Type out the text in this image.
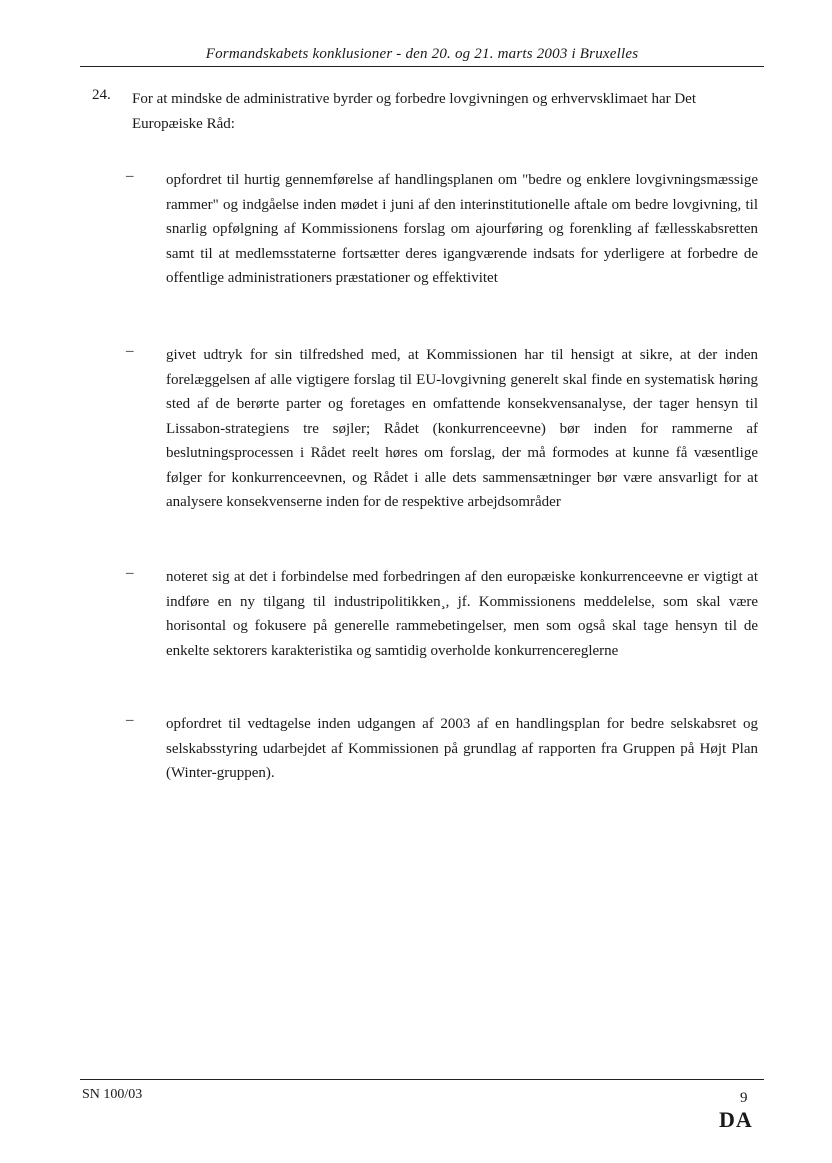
Formandskabets konklusioner - den 20. og 21. marts 2003 i Bruxelles
24. For at mindske de administrative byrder og forbedre lovgivningen og erhvervsklimaet har Det Europæiske Råd:
– opfordret til hurtig gennemførelse af handlingsplanen om "bedre og enklere lovgivningsmæssige rammer" og indgåelse inden mødet i juni af den interinstitutionelle aftale om bedre lovgivning, til snarlig opfølgning af Kommissionens forslag om ajourføring og forenkling af fællesskabsretten samt til at medlemsstaterne fortsætter deres igangværende indsats for yderligere at forbedre de offentlige administrationers præstationer og effektivitet
– givet udtryk for sin tilfredshed med, at Kommissionen har til hensigt at sikre, at der inden forelæggelsen af alle vigtigere forslag til EU-lovgivning generelt skal finde en systematisk høring sted af de berørte parter og foretages en omfattende konsekvensanalyse, der tager hensyn til Lissabon-strategiens tre søjler; Rådet (konkurrenceevne) bør inden for rammerne af beslutningsprocessen i Rådet reelt høres om forslag, der må formodes at kunne få væsentlige følger for konkurrenceevnen, og Rådet i alle dets sammensætninger bør være ansvarligt for at analysere konsekvenserne inden for de respektive arbejdsområder
– noteret sig at det i forbindelse med forbedringen af den europæiske konkurrenceevne er vigtigt at indføre en ny tilgang til industripolitikken¸, jf. Kommissionens meddelelse, som skal være horisontal og fokusere på generelle rammebetingelser, men som også skal tage hensyn til de enkelte sektorers karakteristika og samtidig overholde konkurrencereglerne
– opfordret til vedtagelse inden udgangen af 2003 af en handlingsplan for bedre selskabsret og selskabsstyring udarbejdet af Kommissionen på grundlag af rapporten fra Gruppen på Højt Plan (Winter-gruppen).
SN 100/03	9
DA
